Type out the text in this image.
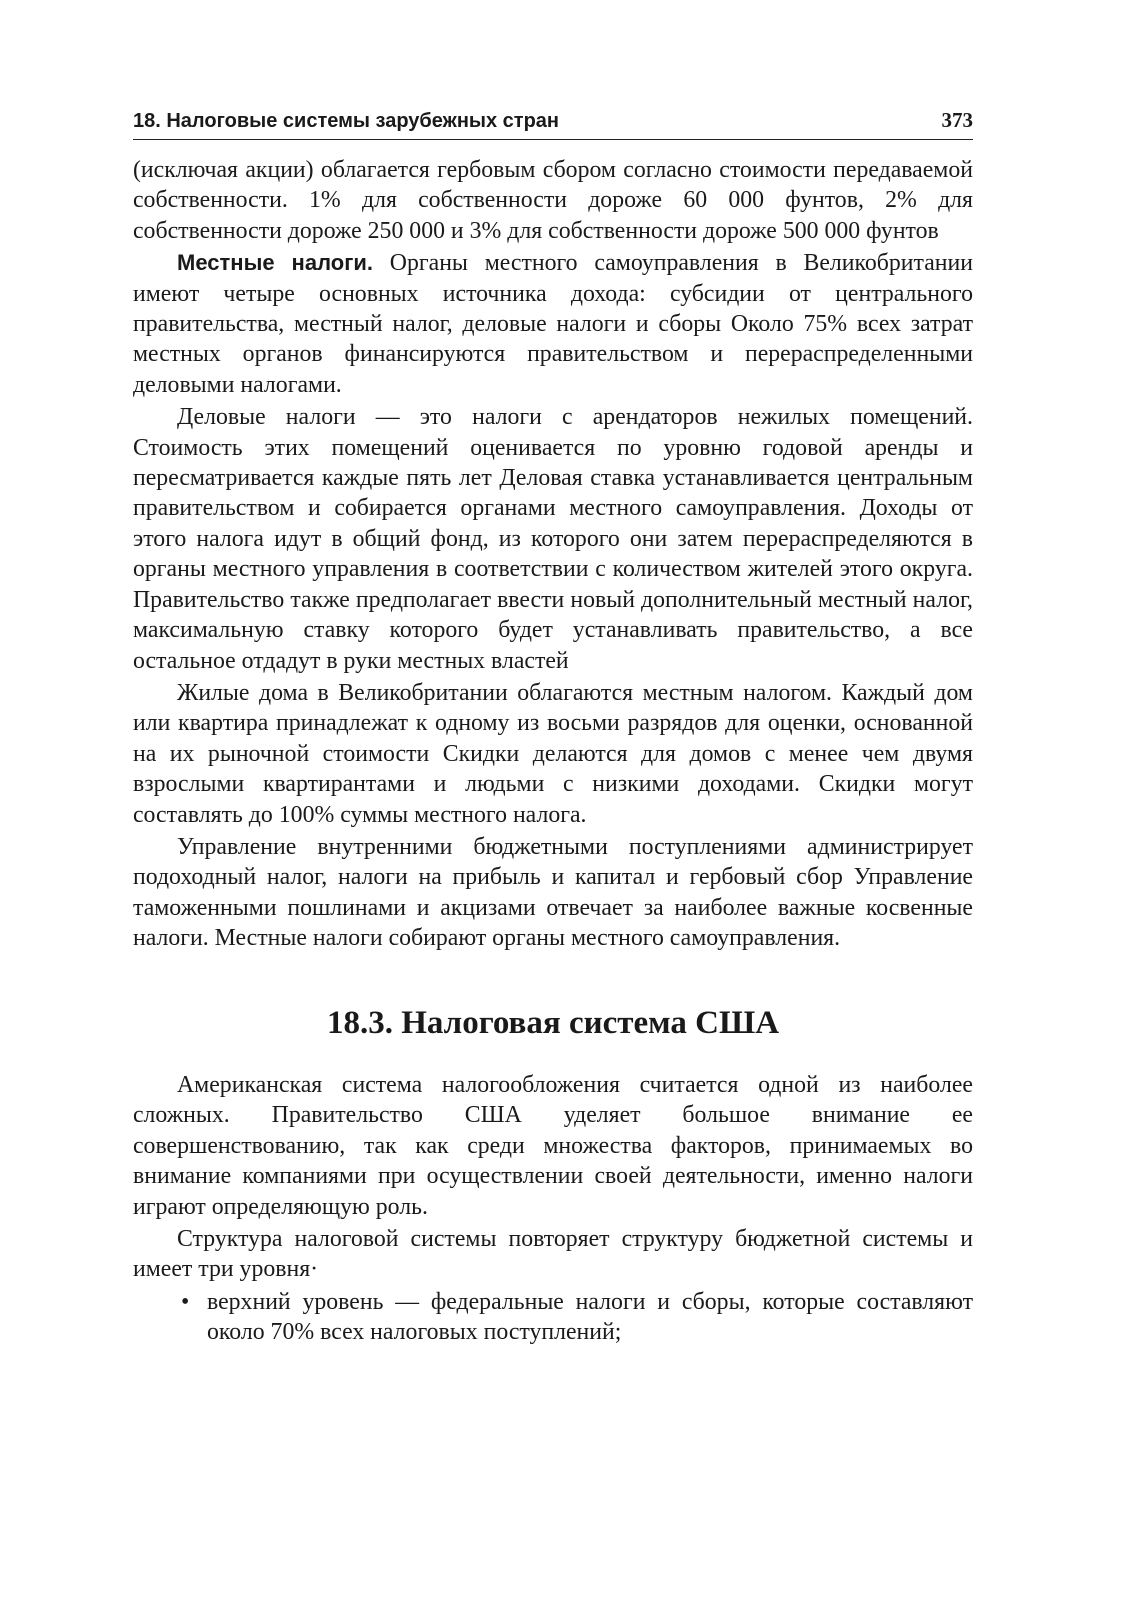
18. Налоговые системы зарубежных стран	373

(исключая акции) облагается гербовым сбором согласно стоимости передаваемой собственности. 1% для собственности дороже 60 000 фунтов, 2% для собственности дороже 250 000 и 3% для собственности дороже 500 000 фунтов

Местные налоги. Органы местного самоуправления в Великобритании имеют четыре основных источника дохода: субсидии от центрального правительства, местный налог, деловые налоги и сборы Около 75% всех затрат местных органов финансируются правительством и перераспределенными деловыми налогами.

Деловые налоги — это налоги с арендаторов нежилых помещений. Стоимость этих помещений оценивается по уровню годовой аренды и пересматривается каждые пять лет Деловая ставка устанавливается центральным правительством и собирается органами местного самоуправления. Доходы от этого налога идут в общий фонд, из которого они затем перераспределяются в органы местного управления в соответствии с количеством жителей этого округа. Правительство также предполагает ввести новый дополнительный местный налог, максимальную ставку которого будет устанавливать правительство, а все остальное отдадут в руки местных властей

Жилые дома в Великобритании облагаются местным налогом. Каждый дом или квартира принадлежат к одному из восьми разрядов для оценки, основанной на их рыночной стоимости Скидки делаются для домов с менее чем двумя взрослыми квартирантами и людьми с низкими доходами. Скидки могут составлять до 100% суммы местного налога.

Управление внутренними бюджетными поступлениями администрирует подоходный налог, налоги на прибыль и капитал и гербовый сбор Управление таможенными пошлинами и акцизами отвечает за наиболее важные косвенные налоги. Местные налоги собирают органы местного самоуправления.

18.3. Налоговая система США

Американская система налогообложения считается одной из наиболее сложных. Правительство США уделяет большое внимание ее совершенствованию, так как среди множества факторов, принимаемых во внимание компаниями при осуществлении своей деятельности, именно налоги играют определяющую роль.

Структура налоговой системы повторяет структуру бюджетной системы и имеет три уровня·

• верхний уровень — федеральные налоги и сборы, которые составляют около 70% всех налоговых поступлений;
